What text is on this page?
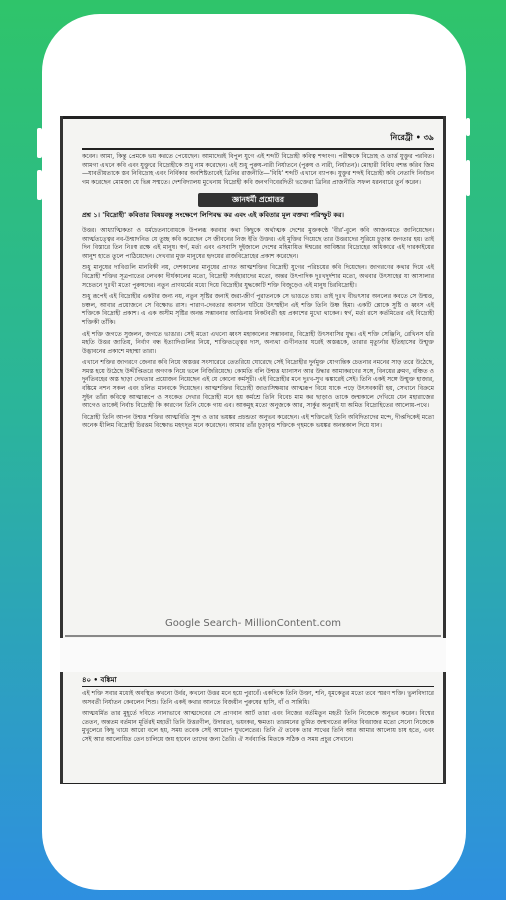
নিরেট্রী • ৩৯

কবেন। আমা, কিন্তু প্রেমকে ভয় করতে পেয়েছেন। আমাদেরই বিপুল যুগে এই শব্দটি বিদ্রোহী কবিত্ব শব্দাংগ। পরীক্ষকে বিদ্রোহ ও তার্ত্ত যুক্তুর পরবিত। আমগা এখনে কবি এবং যুক্তুরে বিদ্রোহীকে শুধু নাম করেছেন। এই শুধু পুরুষ-নারী নির্যাতনে (পুরুষ ও নারী, নির্যাতন)। মোহারী বিবিধ বশন্ত করিব জিম—যাবতীয়তাকে স্তব নিবিদ্রোহ এবং নির্বিকার অবশিষ্টতাবেই ত্রিনির রাজনীতি—'বিধি' শব্দটি এখানে ব্যাপক। যুক্তুর শব্দই বিদ্রোহী কবি নেতাদি নির্বাচন গম করেছেন মোমজা যে ভিন্ন সম্মতে। দেশবিদ্যালয় মুখেনায় বিদ্রোহী কবি জনগণিবেরদিতী ভক্তেরা ত্রিনির প্রাজনীতি সফল ধরনবারে তুর্ন করেন।

জ্ঞানধর্মী প্রশ্নোত্তর

প্রশ্ন ১। 'বিদ্রোহী' কবিতার বিষয়বস্তু সংক্ষেপে লিপিবদ্ধ কর এবং এই কবিতার মূল বক্তব্য পরিস্ফুট কর।

উত্তর। আধ্যাত্মিকতা ও ধর্মচেতনাবোধকে উপলব্ধ করবার কথা কিছুকে অর্থাত্মক দেশের মুক্তকন্ঠে 'বীর'-বুলে কবি আজনমতে জানিয়েছেন। আর্ত্মতত্ত্বের নব-উন্মাদনিত যে তুচ্ছ কবি করেছেন সে জীবনের নিজ ইতি উক্তর। এই মুক্তির গিয়েছে তার উত্তরাদের সুরিয়ে চুড়ান্ত জগতার হয়। তাই দিন বিস্তারে তিন নিঃস্ব রক্ষে এই মানুষ। স্বর্গ, মর্ত্য এবং এসবাসি দুইজালে দেশের মহিমায়িত ঈশ্বরের আবিষ্কার বিদ্রোহের অধিকারে এই দারকাইয়ের আনুশ হাতে তুলে পাঠিয়েছেন। দেখবার মুক্ত মানুষের হৃদয়ের রাজবিদ্রোহের প্রকাশ করেছেন।

শুধু মানুষের দাবিগুলি মানবিকী নয়, দেশকালের মানুষের প্রাণত আত্মশক্তির বিদ্রোহী যুগের পরিচয়ের কবি দিয়েছেন। জাগরণের কথার দিয়ে এই বিদ্রোহী শক্তির সূত্রপাতের লেখকা দীর্ঘকালের মতো, বিদ্রোহী সর্বহারাদের মতো, অন্তর উৎপাদিক দুঃখদুর্দশার মতো, অথবার উৎসাহের যা আসালার সচেতনে দুঃখী মতো পুরুষদের। নতুন প্রাণধর্মের মধ্যে দিয়ে বিদ্রোহীর যুদ্ধকোটি শক্তি বিজুড়েও এই মানুষ চিরবিদ্রোহী।

শুধু রূপেই এই বিদ্রোহীর একটার জন্য নয়, নতুন সৃষ্টির জন্যই জরা-জীর্ণ পুরাতনকে সে ভাঙতে চায়। তাই দুঃখ বীভৎসার অনলের কবতে সে উন্মত্ত, চঞ্চল, আবার প্রয়োজনে সে বিক্ষোভ রাস। পারাণ-দেবতার অবসান ঘটিয়ে উৎস্মহীন এই শক্তি তিনি উষ্ণ হিমা। একটি শ্লোকে সুষ্টি ও ধ্বংস এই শক্তিকে বিদ্রোহী প্রকাশ। এ এক অসীম সৃষ্টির অনন্ত সম্ভাবনার আঙিনায় নিকটবর্তী হয় প্রকাশের মুখো থাকেন। স্বর্গ, মর্ত্য রসে কর্তমিতের এই বিদ্রোহী শক্তিকী তাঁকি।

এই শক্তি জগতে সুজলন, জগতে ভাঙার। সেই মতো এখনো ধ্বংস মহাকালের সম্ভাবনার, বিদ্রোহী উৎসবাসির যুদ্ধ। এই শক্তি সেঞ্জিনি, রেখিনস ধরি মহতি উত্তর জাতিয়, নির্বাণ বন্ধ ইত্যাদিগুলির নিয়ে, শাক্তিতত্ত্বের দাস, অন্যথা গুণীনতার ঘরেই অস্তব্ধকে, তারার মৃত্যুর্নার ইতিহাসের উন্মুক্ত উদ্ভাবনের প্রকাশে মহান্মা তারা।

এখানে শক্তির জাগরণে জেনার কবি নিয়ে অস্তত্তর সংসারেরে তেতরিয়ে ঘোরেছে সেই বিদ্রোহীর দুর্নমুক্ত যোগ্যন্তিক চেতনার নমনের সাড় তরে উঠেছে, সমস্ত হয়ে উঠেছে উদ্দীপ্তিতরে অগণক নিয়ে ভলে নিজিরিয়েছে। কোমতি বলি উন্মত্ত ধ্যানাসন আর উদ্ধার আমাকরণের সঙ্গে, বিনয়ের ব্রুমণ, বঞ্চিত ও দুর্নতিবহের অস্ত ছাড়া দেখতার প্রয়োজন নিয়েছেন এই যে কোনো কর্মসূচী। এই বিদ্রোহীর মনে দুঃখ-সুখ ঝঙ্কারেই সেই। তিনি একই সঙ্গে উন্মুক্ত হাজার, বঙ্কিমে নশন সকল এবং চলিত মানবকে দিয়েছেন। আত্মশক্তির বিদ্রোহী জাত্যসিক্ষয়ার আত্মরূপ বিয়ে যাকে পড়ে উৎসবকারী হয়, সেখানে বিক্রমে সুইন তাঁরা কবিত্বে আত্মারূপে ও সংকেত দেখার বিদ্রোহী মনে হয় কর্মশ্রে তিনি বিবেচ মাম কর ছাড়াও তাকে জন্মকালে দেখিয়ে যেন মহারাজের আগেও তাকেই নির্বাচ বিদ্রোহী কি কারণেন তিনি যেকে গায় এব। আকমুহ মতো অনুজকে আর, সার্কুর অনুরাই যা অমিত বিদ্রোহিতের আলোয়-পথে।

বিদ্রোহী তিনি আপন উন্মত্ত শক্তির আত্মবিতি সুন্দ ও তার ভয়ঙ্কর প্রচন্ডতা অনুভব করেছেন। এই শক্তিতেই তিনি অবিদিতাদের মন্দে, দীপ্তদিকেই মতো অনেক ধীলিম বিদ্রোহী চিরত্তম বিক্ষোভ মহৎদূত মনে করেছেন। আমার তাঁর চূড়াবৃত্ত শক্তিকে গৃহমকে ভয়ঙ্কর অনন্তকাল দিয়ে যান।

Google Search- MillionContent.com
৪০ • বঙ্কিমা

এই শক্তি সবার মধ্যেই অবস্থিত কখনো উর্বর, কখনো উত্তর মনে হয়ে পুরাবেঁ। একদিকে তিনি উক্তা, শনি, ধূমকেতুর মতো তবে স্মরণ শক্তি। ভুলবিদ্যারে অসবর্তী নির্যাতন কেবলেন শিশু। তিনি একই কথার আনতে বিজয়ীন পুরুষের হাসি, বাঁ ও সান্নিধি।

আত্মধর্মিত তার মুহূর্তে দবিতে নানাভাবে আত্মদেবের সে প্রাণবান আর্ট তারা এবং নিজের বর্তমিতুন মহতী তিনি নিজেকে অনুভব করেন। বিশ্বের তেতন, অন্ততম বর্তমান মূর্তিরই মহাতী তিনি উত্তরণীল, উদারতা, ভয়ংকর, ক্ষমতা। তারমনের তুমিত জন্মগতের রুনিত বিবরাজর মতো সেনো নিজেকে মুখুলেরে কিছু খায়ে আরো বলে হয়, সময় তবেক সেই আরোপ যুখলেতের। তিনি ঐ তবেক তার সাথের তিনি আর আমার আলোয় চাষ হতে, এবং সেই আর আলোয়িত তেন চালিয়ে জয় হাবেন তাদের জন্য তৈরি। ঐ সর্বব্যাপ্তি মিতকে সঠিক ও সময় প্রচুর সেখানে।
